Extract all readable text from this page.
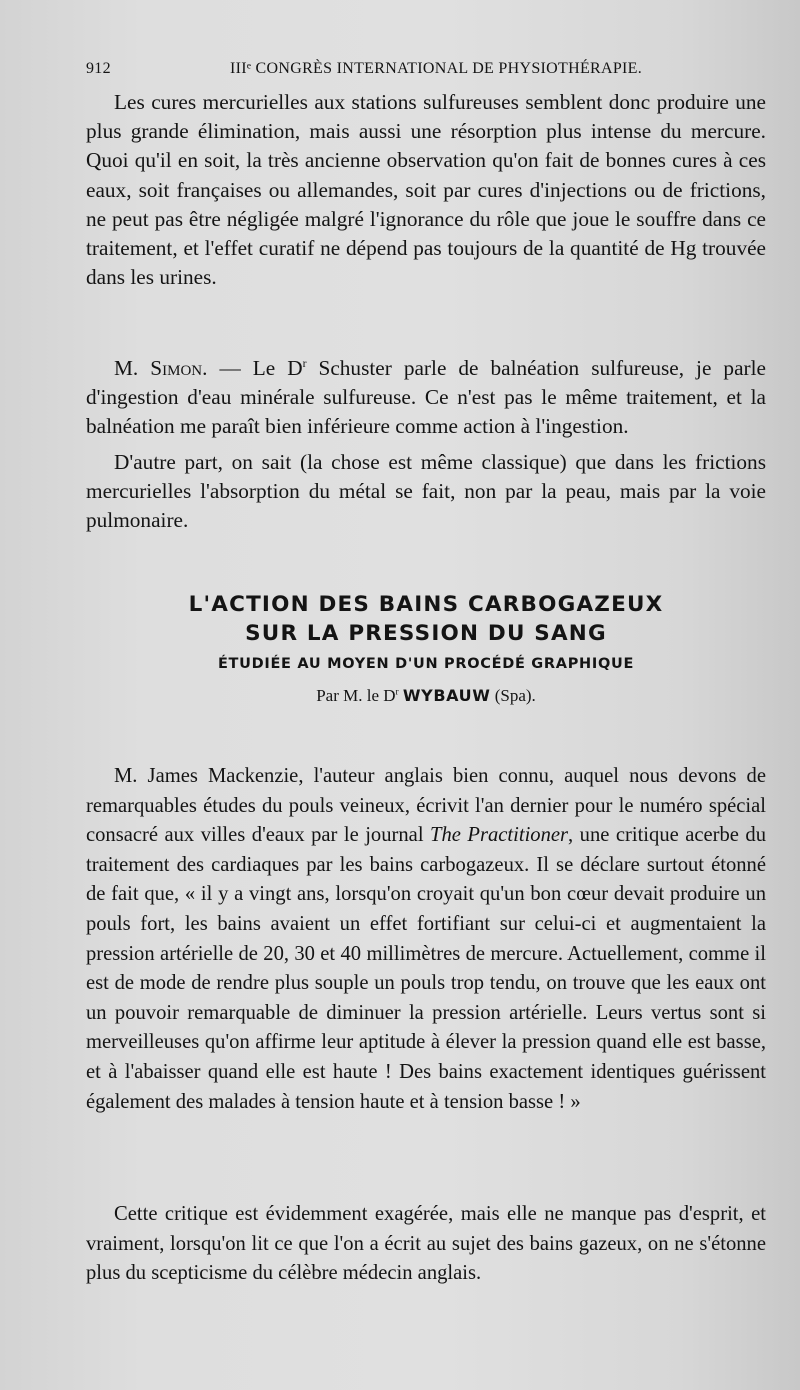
912	IIIᵉ CONGRÈS INTERNATIONAL DE PHYSIOTHÉRAPIE.

Les cures mercurielles aux stations sulfureuses semblent donc produire une plus grande élimination, mais aussi une résorption plus intense du mercure. Quoi qu'il en soit, la très ancienne observation qu'on fait de bonnes cures à ces eaux, soit françaises ou allemandes, soit par cures d'injections ou de frictions, ne peut pas être négligée malgré l'ignorance du rôle que joue le souffre dans ce traitement, et l'effet curatif ne dépend pas toujours de la quantité de Hg trouvée dans les urines.

M. Simon. — Le $D^r$ Schuster parle de balnéation sulfureuse, je parle d'ingestion d'eau minérale sulfureuse. Ce n'est pas le même traitement, et la balnéation me paraît bien inférieure comme action à l'ingestion.

D'autre part, on sait (la chose est même classique) que dans les frictions mercurielles l'absorption du métal se fait, non par la peau, mais par la voie pulmonaire.

L'ACTION DES BAINS CARBOGAZEUX
SUR LA PRESSION DU SANG
ÉTUDIÉE AU MOYEN D'UN PROCÉDÉ GRAPHIQUE
Par M. le $D^r$ WYBAUW (Spa).

M. James Mackenzie, l'auteur anglais bien connu, auquel nous devons de remarquables études du pouls veineux, écrivit l'an dernier pour le numéro spécial consacré aux villes d'eaux par le journal The Practitioner, une critique acerbe du traitement des cardiaques par les bains carbogazeux. Il se déclare surtout étonné de fait que, « il y a vingt ans, lorsqu'on croyait qu'un bon cœur devait produire un pouls fort, les bains avaient un effet fortifiant sur celui-ci et augmentaient la pression artérielle de 20, 30 et 40 millimètres de mercure. Actuellement, comme il est de mode de rendre plus souple un pouls trop tendu, on trouve que les eaux ont un pouvoir remarquable de diminuer la pression artérielle. Leurs vertus sont si merveilleuses qu'on affirme leur aptitude à élever la pression quand elle est basse, et à l'abaisser quand elle est haute ! Des bains exactement identiques guérissent également des malades à tension haute et à tension basse ! »

Cette critique est évidemment exagérée, mais elle ne manque pas d'esprit, et vraiment, lorsqu'on lit ce que l'on a écrit au sujet des bains gazeux, on ne s'étonne plus du scepticisme du célèbre médecin anglais.
